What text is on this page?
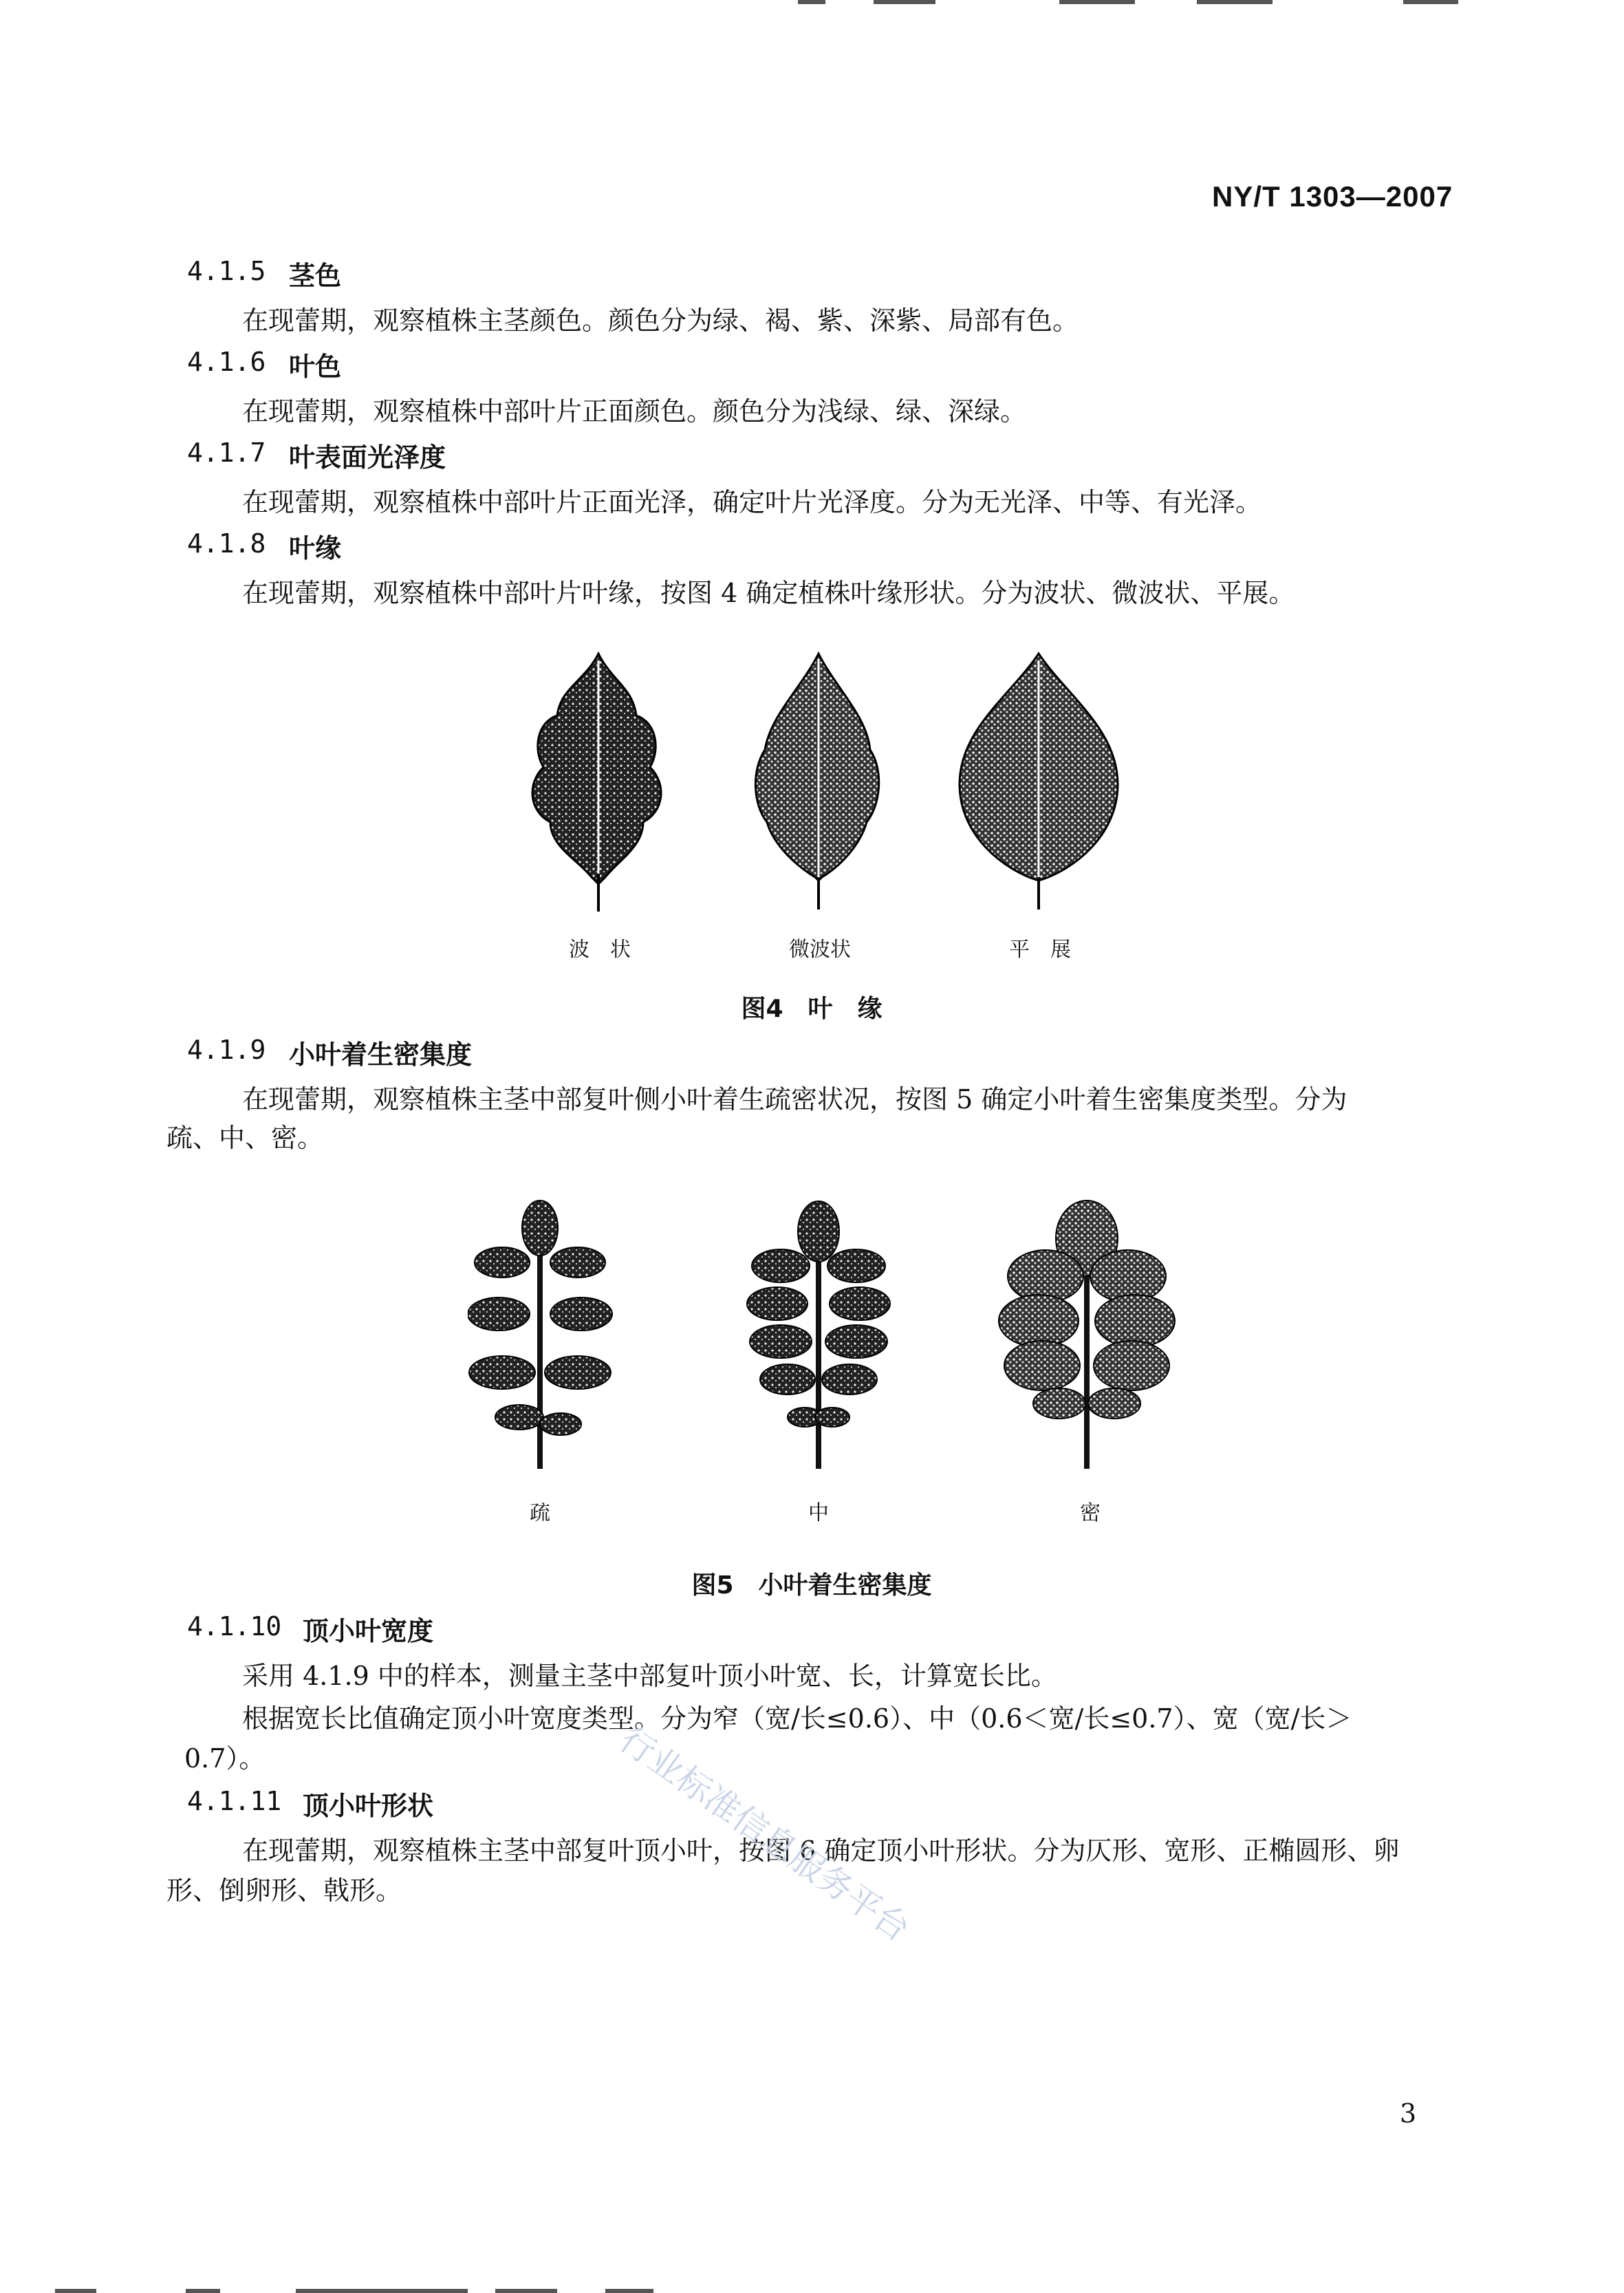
NY/T 1303—2007
4.1.5 茎色
在现蕾期，观察植株主茎颜色。颜色分为绿、褐、紫、深紫、局部有色。
4.1.6 叶色
在现蕾期，观察植株中部叶片正面颜色。颜色分为浅绿、绿、深绿。
4.1.7 叶表面光泽度
在现蕾期，观察植株中部叶片正面光泽，确定叶片光泽度。分为无光泽、中等、有光泽。
4.1.8 叶缘
在现蕾期，观察植株中部叶片叶缘，按图 4 确定植株叶缘形状。分为波状、微波状、平展。
波　状	微波状	平　展
图4　叶　缘
4.1.9 小叶着生密集度
在现蕾期，观察植株主茎中部复叶侧小叶着生疏密状况，按图 5 确定小叶着生密集度类型。分为
疏、中、密。
疏	中	密
图5　小叶着生密集度
4.1.10 顶小叶宽度
采用 4.1.9 中的样本，测量主茎中部复叶顶小叶宽、长，计算宽长比。
根据宽长比值确定顶小叶宽度类型。分为窄（宽/长≤0.6）、中（0.6＜宽/长≤0.7）、宽（宽/长＞
0.7）。
4.1.11 顶小叶形状
在现蕾期，观察植株主茎中部复叶顶小叶，按图 6 确定顶小叶形状。分为仄形、宽形、正椭圆形、卵
形、倒卵形、戟形。	行业标准信息服务平台
3
